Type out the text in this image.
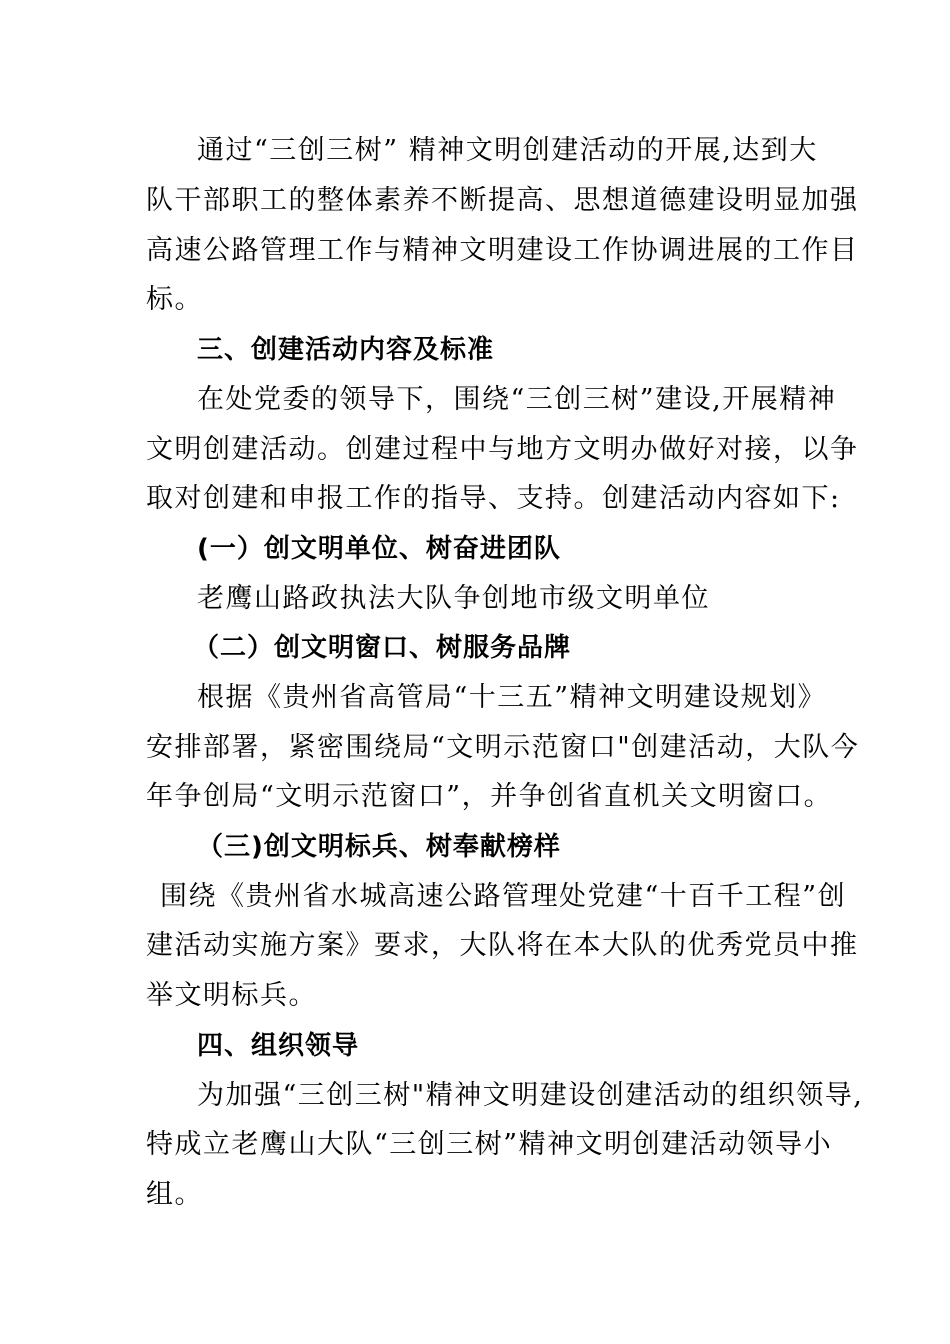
通过“三创三树” 精神文明创建活动的开展,达到大
队干部职工的整体素养不断提高、思想道德建设明显加强
高速公路管理工作与精神文明建设工作协调进展的工作目
标。
三、创建活动内容及标准
在处党委的领导下，围绕“三创三树”建设,开展精神
文明创建活动。创建过程中与地方文明办做好对接，以争
取对创建和申报工作的指导、支持。创建活动内容如下:
(一）创文明单位、树奋进团队
老鹰山路政执法大队争创地市级文明单位
（二）创文明窗口、树服务品牌
根据《贵州省高管局“十三五”精神文明建设规划》
安排部署，紧密围绕局“文明示范窗口"创建活动，大队今
年争创局“文明示范窗口”，并争创省直机关文明窗口。
（三)创文明标兵、树奉献榜样
围绕《贵州省水城高速公路管理处党建“十百千工程”创
建活动实施方案》要求，大队将在本大队的优秀党员中推
举文明标兵。
四、组织领导
为加强“三创三树"精神文明建设创建活动的组织领导,
特成立老鹰山大队“三创三树”精神文明创建活动领导小
组。
